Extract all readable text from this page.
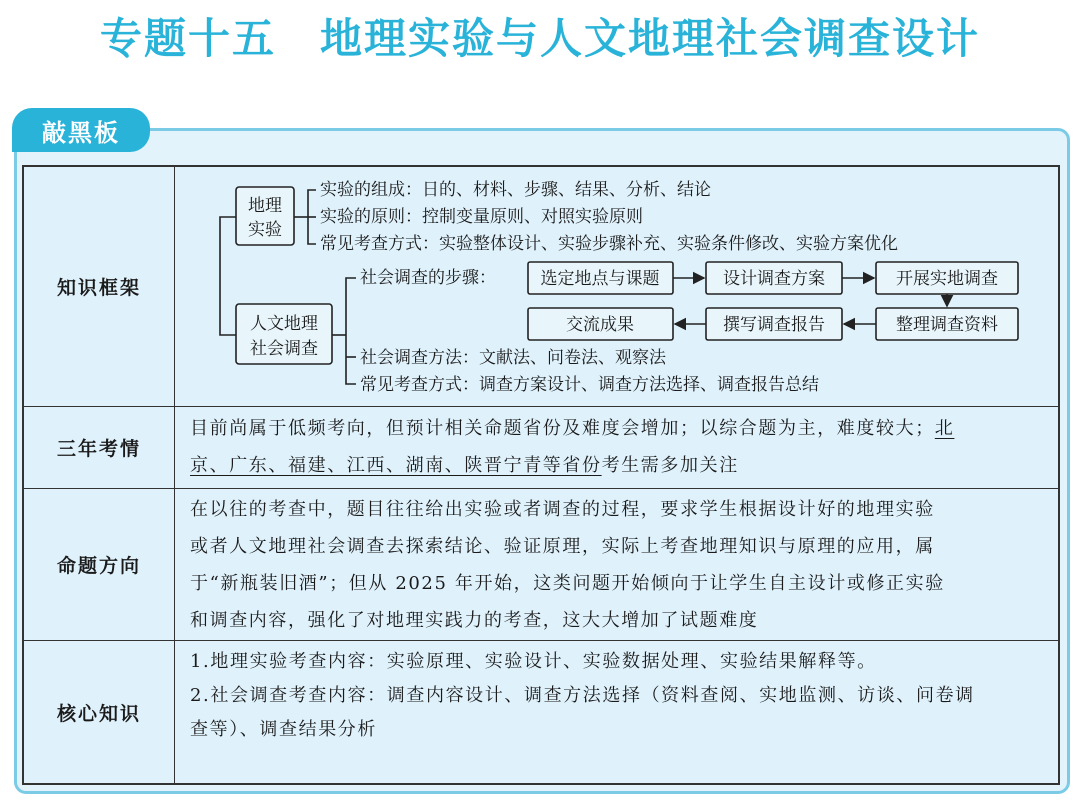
专题十五 地理实验与人文地理社会调查设计
敲黑板
知识框架
地理
实验
人文地理
社会调查
实验的组成：日的、材料、步骤、结果、分析、结论
实验的原则：控制变量原则、对照实验原则
常见考查方式：实验整体设计、实验步骤补充、实验条件修改、实验方案优化
社会调查的步骤：	选定地点与课题	设计调查方案	开展实地调查
整理调查资料
撰写调查报告
交流成果
社会调查方法：文献法、问卷法、观察法
常见考查方式：调查方案设计、调查方法选择、调查报告总结
三年考情
目前尚属于低频考向，但预计相关命题省份及难度会增加；以综合题为主，难度较大；北
京、广东、福建、江西、湖南、陕晋宁青等省份考生需多加关注
命题方向
在以往的考查中，题目往往给出实验或者调查的过程，要求学生根据设计好的地理实验
或者人文地理社会调查去探索结论、验证原理，实际上考查地理知识与原理的应用，属
于“新瓶装旧酒”；但从 2025 年开始，这类问题开始倾向于让学生自主设计或修正实验
和调查内容，强化了对地理实践力的考查，这大大增加了试题难度
核心知识
1.地理实验考查内容：实验原理、实验设计、实验数据处理、实验结果解释等。
2.社会调查考查内容：调查内容设计、调查方法选择（资料查阅、实地监测、访谈、问卷调
查等）、调查结果分析
